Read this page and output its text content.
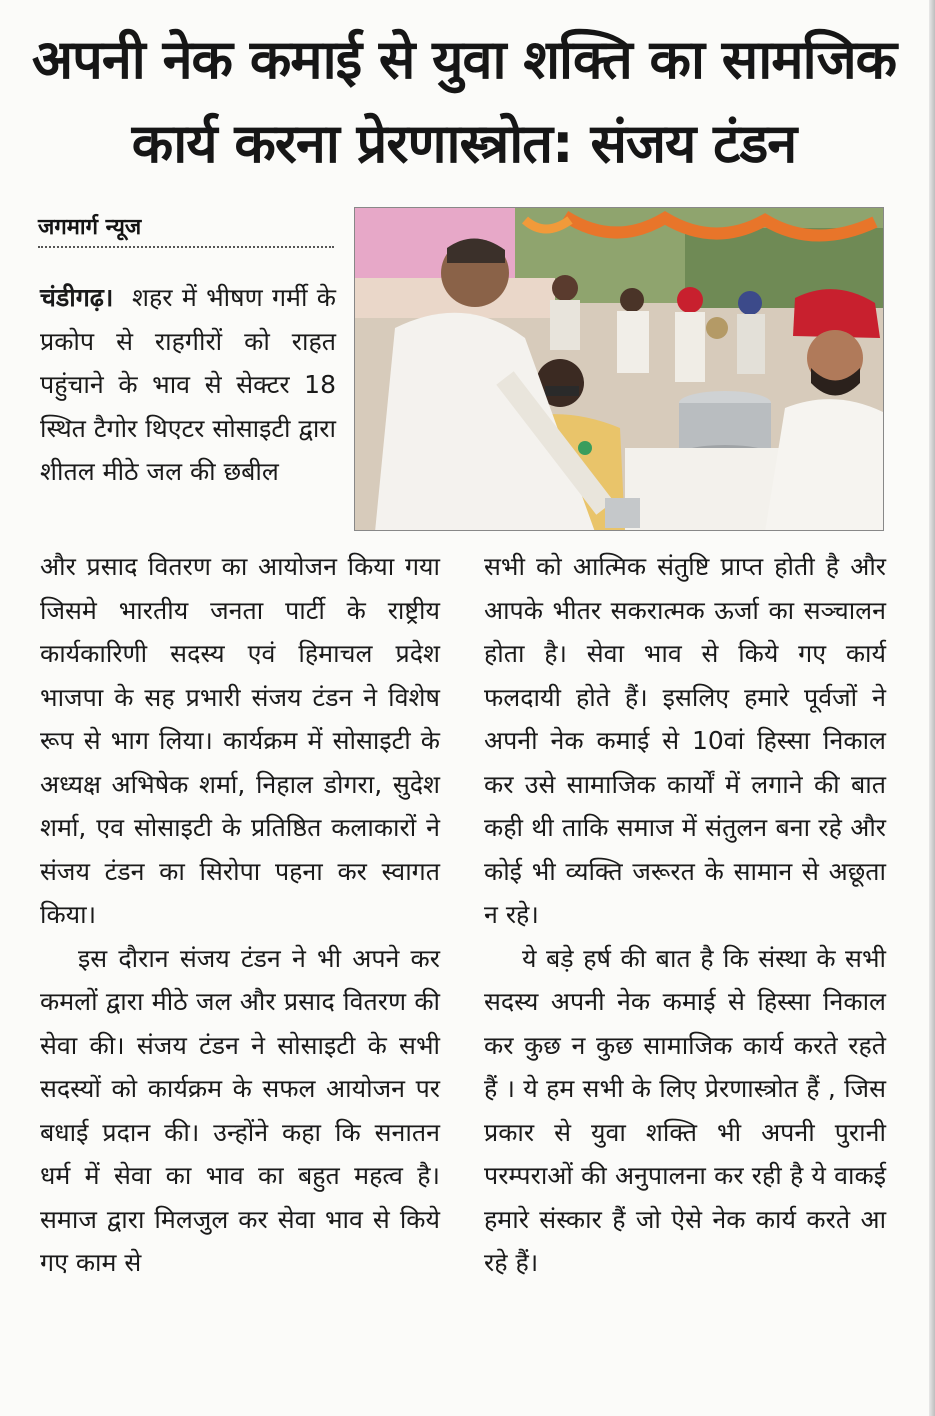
अपनी नेक कमाई से युवा शक्ति का सामजिक
कार्य करना प्रेरणास्त्रोत: संजय टंडन
जगमार्ग न्यूज

चंडीगढ़। शहर में भीषण गर्मी के प्रकोप से राहगीरों को राहत पहुंचाने के भाव से सेक्टर 18 स्थित टैगोर थिएटर सोसाइटी द्वारा शीतल मीठे जल की छबील

और प्रसाद वितरण का आयोजन किया गया जिसमे भारतीय जनता पार्टी के राष्ट्रीय कार्यकारिणी सदस्य एवं हिमाचल प्रदेश भाजपा के सह प्रभारी संजय टंडन ने विशेष रूप से भाग लिया। कार्यक्रम में सोसाइटी के अध्यक्ष अभिषेक शर्मा, निहाल डोगरा, सुदेश शर्मा, एव सोसाइटी के प्रतिष्ठित कलाकारों ने संजय टंडन का सिरोपा पहना कर स्वागत किया।

इस दौरान संजय टंडन ने भी अपने कर कमलों द्वारा मीठे जल और प्रसाद वितरण की सेवा की। संजय टंडन ने सोसाइटी के सभी सदस्यों को कार्यक्रम के सफल आयोजन पर बधाई प्रदान की। उन्होंने कहा कि सनातन धर्म में सेवा का भाव का बहुत महत्व है। समाज द्वारा मिलजुल कर सेवा भाव से किये गए काम से

सभी को आत्मिक संतुष्टि प्राप्त होती है और आपके भीतर सकरात्मक ऊर्जा का सञ्चालन होता है। सेवा भाव से किये गए कार्य फलदायी होते हैं। इसलिए हमारे पूर्वजों ने अपनी नेक कमाई से 10वां हिस्सा निकाल कर उसे सामाजिक कार्यों में लगाने की बात कही थी ताकि समाज में संतुलन बना रहे और कोई भी व्यक्ति जरूरत के सामान से अछूता न रहे।

ये बड़े हर्ष की बात है कि संस्था के सभी सदस्य अपनी नेक कमाई से हिस्सा निकाल कर कुछ न कुछ सामाजिक कार्य करते रहते हैं । ये हम सभी के लिए प्रेरणास्त्रोत हैं , जिस प्रकार से युवा शक्ति भी अपनी पुरानी परम्पराओं की अनुपालना कर रही है ये वाकई हमारे संस्कार हैं जो ऐसे नेक कार्य करते आ रहे हैं।
